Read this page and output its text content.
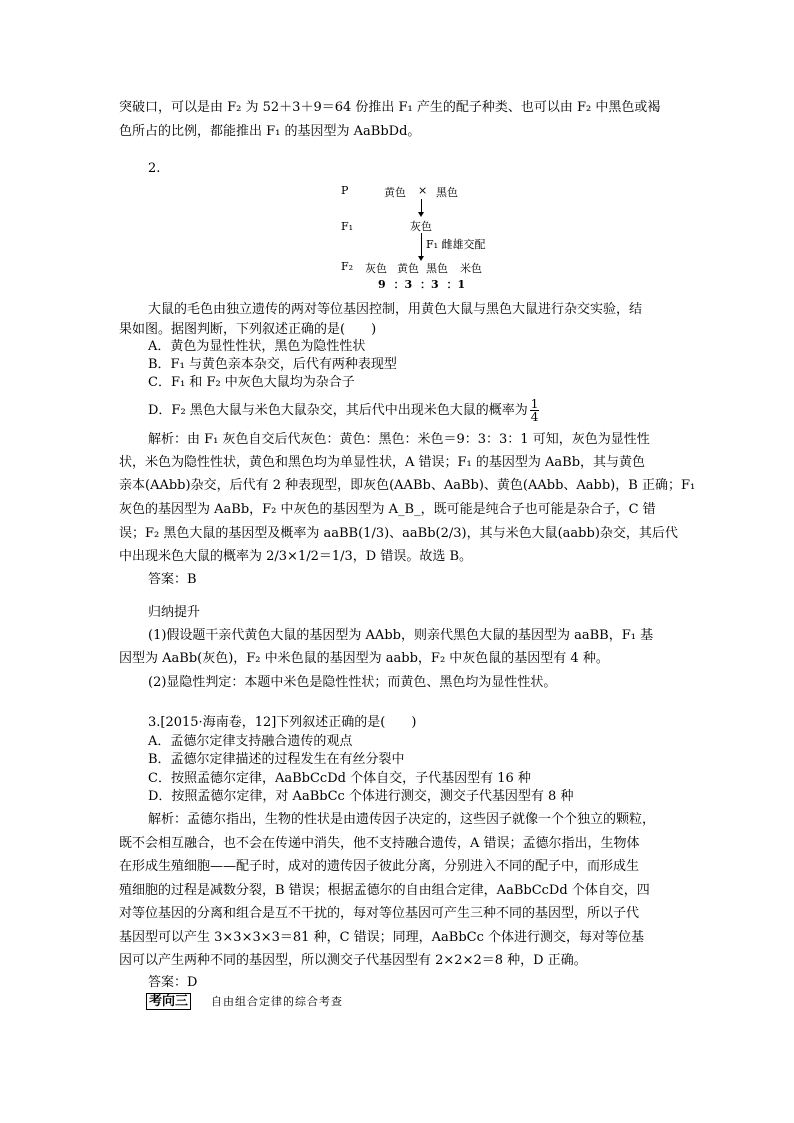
突破口，可以是由 F₂ 为 52＋3＋9＝64 份推出 F₁ 产生的配子种类、也可以由 F₂ 中黑色或褐
色所占的比例，都能推出 F₁ 的基因型为 AaBbDd。
2.
P	黄色 × 黑色
F₁	灰色
F₁ 雌雄交配
F₂ 灰色 黄色 黑色 米色
9 ：3 ：3 ：1
大鼠的毛色由独立遗传的两对等位基因控制，用黄色大鼠与黑色大鼠进行杂交实验，结
果如图。据图判断，下列叙述正确的是(　　)
A．黄色为显性性状，黑色为隐性性状
B．F₁ 与黄色亲本杂交，后代有两种表现型
C．F₁ 和 F₂ 中灰色大鼠均为杂合子
D．F₂ 黑色大鼠与米色大鼠杂交，其后代中出现米色大鼠的概率为 $\frac{1}{4}$
解析：由 F₁ 灰色自交后代灰色：黄色：黑色：米色＝9：3：3：1 可知，灰色为显性性
状，米色为隐性性状，黄色和黑色均为单显性状，A 错误；F₁ 的基因型为 AaBb，其与黄色
亲本(AAbb)杂交，后代有 2 种表现型，即灰色(AABb、AaBb)、黄色(AAbb、Aabb)，B 正确；F₁
灰色的基因型为 AaBb，F₂ 中灰色的基因型为 A_B_，既可能是纯合子也可能是杂合子，C 错
误；F₂ 黑色大鼠的基因型及概率为 aaBB(1/3)、aaBb(2/3)，其与米色大鼠(aabb)杂交，其后代
中出现米色大鼠的概率为 2/3×1/2＝1/3，D 错误。故选 B。
答案：B
归纳提升
(1)假设题干亲代黄色大鼠的基因型为 AAbb，则亲代黑色大鼠的基因型为 aaBB，F₁ 基
因型为 AaBb(灰色)，F₂ 中米色鼠的基因型为 aabb，F₂ 中灰色鼠的基因型有 4 种。
(2)显隐性判定：本题中米色是隐性性状；而黄色、黑色均为显性性状。
3.[2015·海南卷，12]下列叙述正确的是(　　)
A．孟德尔定律支持融合遗传的观点
B．孟德尔定律描述的过程发生在有丝分裂中
C．按照孟德尔定律，AaBbCcDd 个体自交，子代基因型有 16 种
D．按照孟德尔定律，对 AaBbCc 个体进行测交，测交子代基因型有 8 种
解析：孟德尔指出，生物的性状是由遗传因子决定的，这些因子就像一个个独立的颗粒，
既不会相互融合，也不会在传递中消失，他不支持融合遗传，A 错误；孟德尔指出，生物体
在形成生殖细胞——配子时，成对的遗传因子彼此分离，分别进入不同的配子中，而形成生
殖细胞的过程是减数分裂，B 错误；根据孟德尔的自由组合定律，AaBbCcDd 个体自交，四
对等位基因的分离和组合是互不干扰的，每对等位基因可产生三种不同的基因型，所以子代
基因型可以产生 3×3×3×3＝81 种，C 错误；同理，AaBbCc 个体进行测交，每对等位基
因可以产生两种不同的基因型，所以测交子代基因型有 2×2×2＝8 种，D 正确。
答案：D
考向三 自由组合定律的综合考查
